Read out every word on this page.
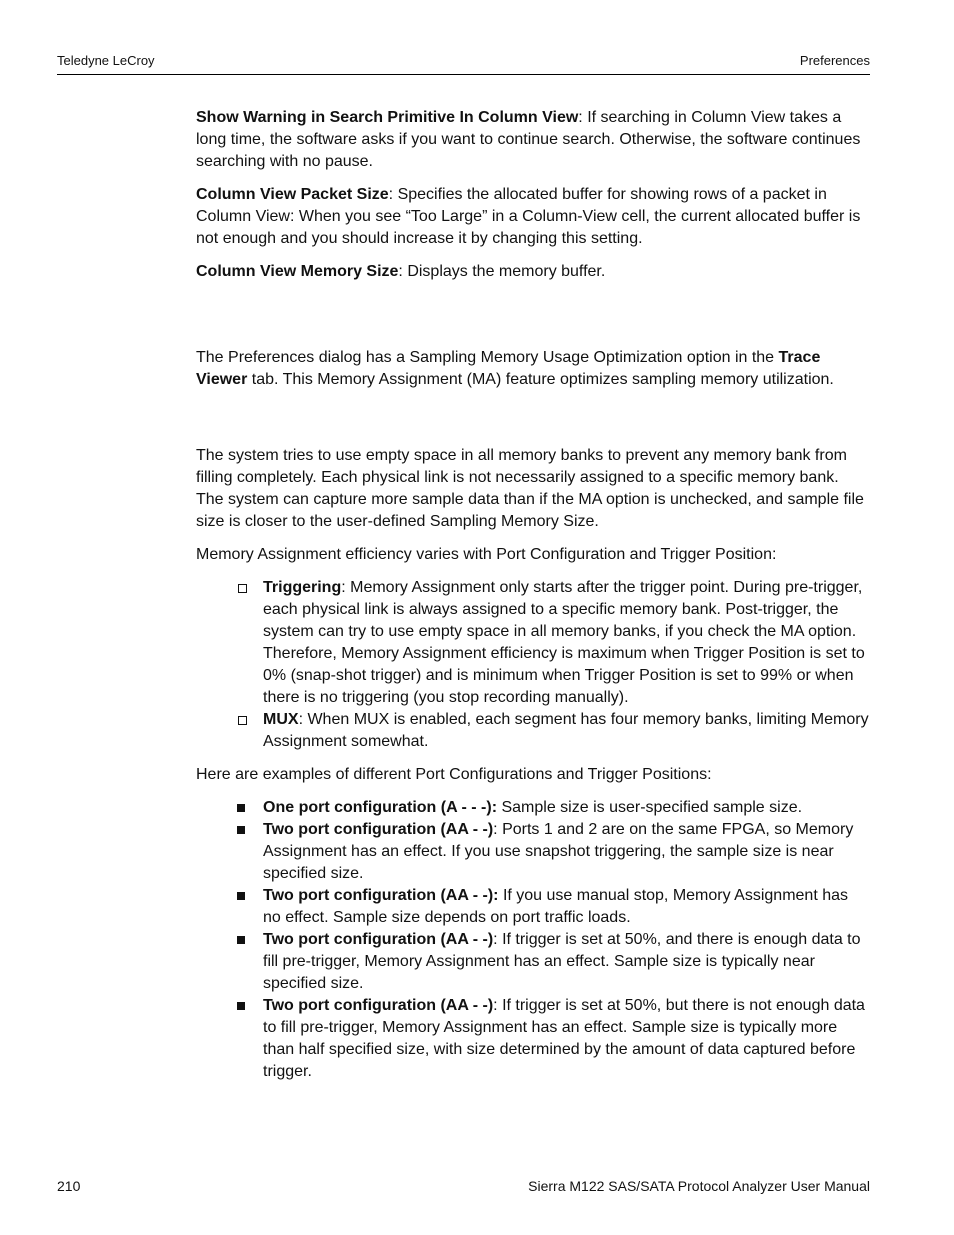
Teledyne LeCroy	Preferences

Show Warning in Search Primitive In Column View: If searching in Column View takes a long time, the software asks if you want to continue search. Otherwise, the software continues searching with no pause.

Column View Packet Size: Specifies the allocated buffer for showing rows of a packet in Column View: When you see “Too Large” in a Column-View cell, the current allocated buffer is not enough and you should increase it by changing this setting.

Column View Memory Size: Displays the memory buffer.

The Preferences dialog has a Sampling Memory Usage Optimization option in the Trace Viewer tab. This Memory Assignment (MA) feature optimizes sampling memory utilization.

The system tries to use empty space in all memory banks to prevent any memory bank from filling completely. Each physical link is not necessarily assigned to a specific memory bank. The system can capture more sample data than if the MA option is unchecked, and sample file size is closer to the user-defined Sampling Memory Size.

Memory Assignment efficiency varies with Port Configuration and Trigger Position:

Triggering: Memory Assignment only starts after the trigger point. During pre-trigger, each physical link is always assigned to a specific memory bank. Post-trigger, the system can try to use empty space in all memory banks, if you check the MA option. Therefore, Memory Assignment efficiency is maximum when Trigger Position is set to 0% (snap-shot trigger) and is minimum when Trigger Position is set to 99% or when there is no triggering (you stop recording manually).
MUX: When MUX is enabled, each segment has four memory banks, limiting Memory Assignment somewhat.

Here are examples of different Port Configurations and Trigger Positions:

One port configuration (A - - -): Sample size is user-specified sample size.
Two port configuration (AA - -): Ports 1 and 2 are on the same FPGA, so Memory Assignment has an effect. If you use snapshot triggering, the sample size is near specified size.
Two port configuration (AA - -): If you use manual stop, Memory Assignment has no effect. Sample size depends on port traffic loads.
Two port configuration (AA - -): If trigger is set at 50%, and there is enough data to fill pre-trigger, Memory Assignment has an effect. Sample size is typically near specified size.
Two port configuration (AA - -): If trigger is set at 50%, but there is not enough data to fill pre-trigger, Memory Assignment has an effect. Sample size is typically more than half specified size, with size determined by the amount of data captured before trigger.
210	Sierra M122 SAS/SATA Protocol Analyzer User Manual
